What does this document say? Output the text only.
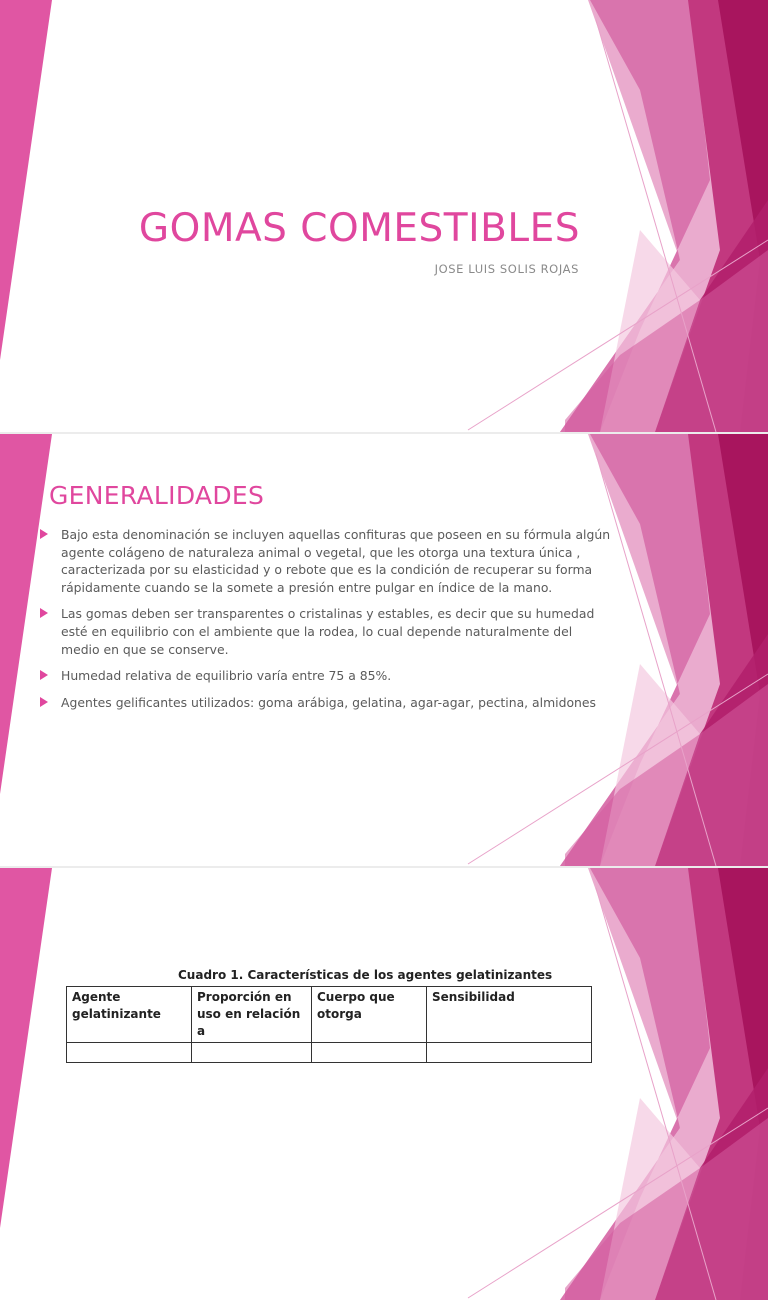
GOMAS COMESTIBLES
JOSE LUIS SOLIS ROJAS
GENERALIDADES
Bajo esta denominación se incluyen aquellas confituras que poseen en su fórmula algún agente colágeno de naturaleza animal o vegetal, que les otorga una textura única , caracterizada por su elasticidad y o rebote que es la condición de recuperar su forma rápidamente cuando se la somete a presión entre pulgar en índice de la mano.
Las gomas deben ser transparentes o cristalinas y estables, es decir que su humedad esté en equilibrio con el ambiente que la rodea, lo cual depende naturalmente del medio en que se conserve.
Humedad relativa de equilibrio varía entre 75 a 85%.
Agentes gelificantes utilizados: goma arábiga, gelatina, agar-agar, pectina, almidones
Cuadro 1. Características de los agentes gelatinizantes
Agente gelatinizante	Proporción en uso en relación a	Cuerpo que otorga	Sensibilidad
